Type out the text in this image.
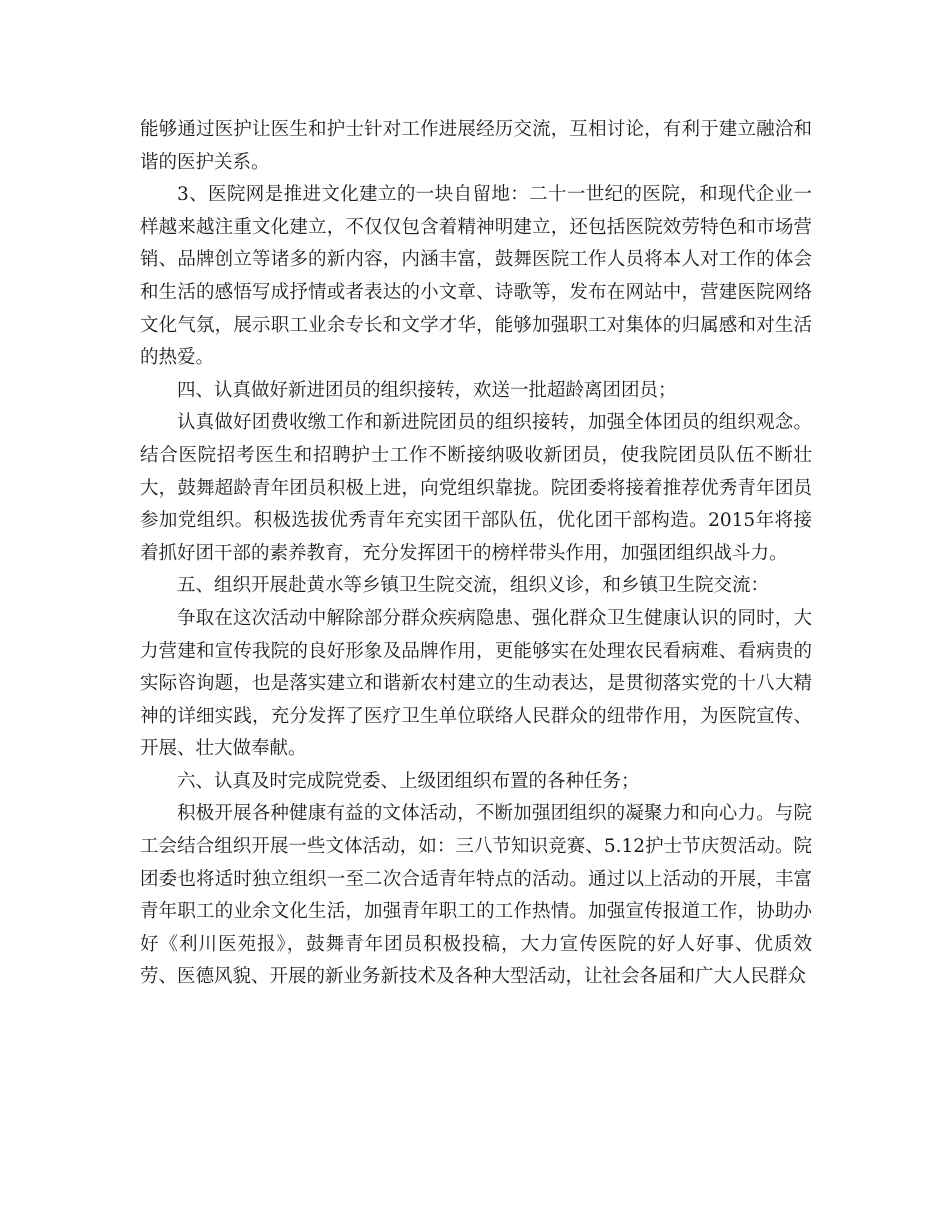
能够通过医护让医生和护士针对工作进展经历交流，互相讨论，有利于建立融洽和谐的医护关系。

3、医院网是推进文化建立的一块自留地：二十一世纪的医院，和现代企业一样越来越注重文化建立，不仅仅包含着精神明建立，还包括医院效劳特色和市场营销、品牌创立等诸多的新内容，内涵丰富，鼓舞医院工作人员将本人对工作的体会和生活的感悟写成抒情或者表达的小文章、诗歌等，发布在网站中，营建医院网络文化气氛，展示职工业余专长和文学才华，能够加强职工对集体的归属感和对生活的热爱。

四、认真做好新进团员的组织接转，欢送一批超龄离团团员；

认真做好团费收缴工作和新进院团员的组织接转，加强全体团员的组织观念。结合医院招考医生和招聘护士工作不断接纳吸收新团员，使我院团员队伍不断壮大，鼓舞超龄青年团员积极上进，向党组织靠拢。院团委将接着推荐优秀青年团员参加党组织。积极选拔优秀青年充实团干部队伍，优化团干部构造。2015年将接着抓好团干部的素养教育，充分发挥团干的榜样带头作用，加强团组织战斗力。

五、组织开展赴黄水等乡镇卫生院交流，组织义诊，和乡镇卫生院交流：

争取在这次活动中解除部分群众疾病隐患、强化群众卫生健康认识的同时，大力营建和宣传我院的良好形象及品牌作用，更能够实在处理农民看病难、看病贵的实际咨询题，也是落实建立和谐新农村建立的生动表达，是贯彻落实党的十八大精神的详细实践，充分发挥了医疗卫生单位联络人民群众的纽带作用，为医院宣传、开展、壮大做奉献。

六、认真及时完成院党委、上级团组织布置的各种任务；

积极开展各种健康有益的文体活动，不断加强团组织的凝聚力和向心力。与院工会结合组织开展一些文体活动，如：三八节知识竞赛、5.12护士节庆贺活动。院团委也将适时独立组织一至二次合适青年特点的活动。通过以上活动的开展，丰富青年职工的业余文化生活，加强青年职工的工作热情。加强宣传报道工作，协助办好《利川医苑报》，鼓舞青年团员积极投稿，大力宣传医院的好人好事、优质效劳、医德风貌、开展的新业务新技术及各种大型活动，让社会各届和广大人民群众
